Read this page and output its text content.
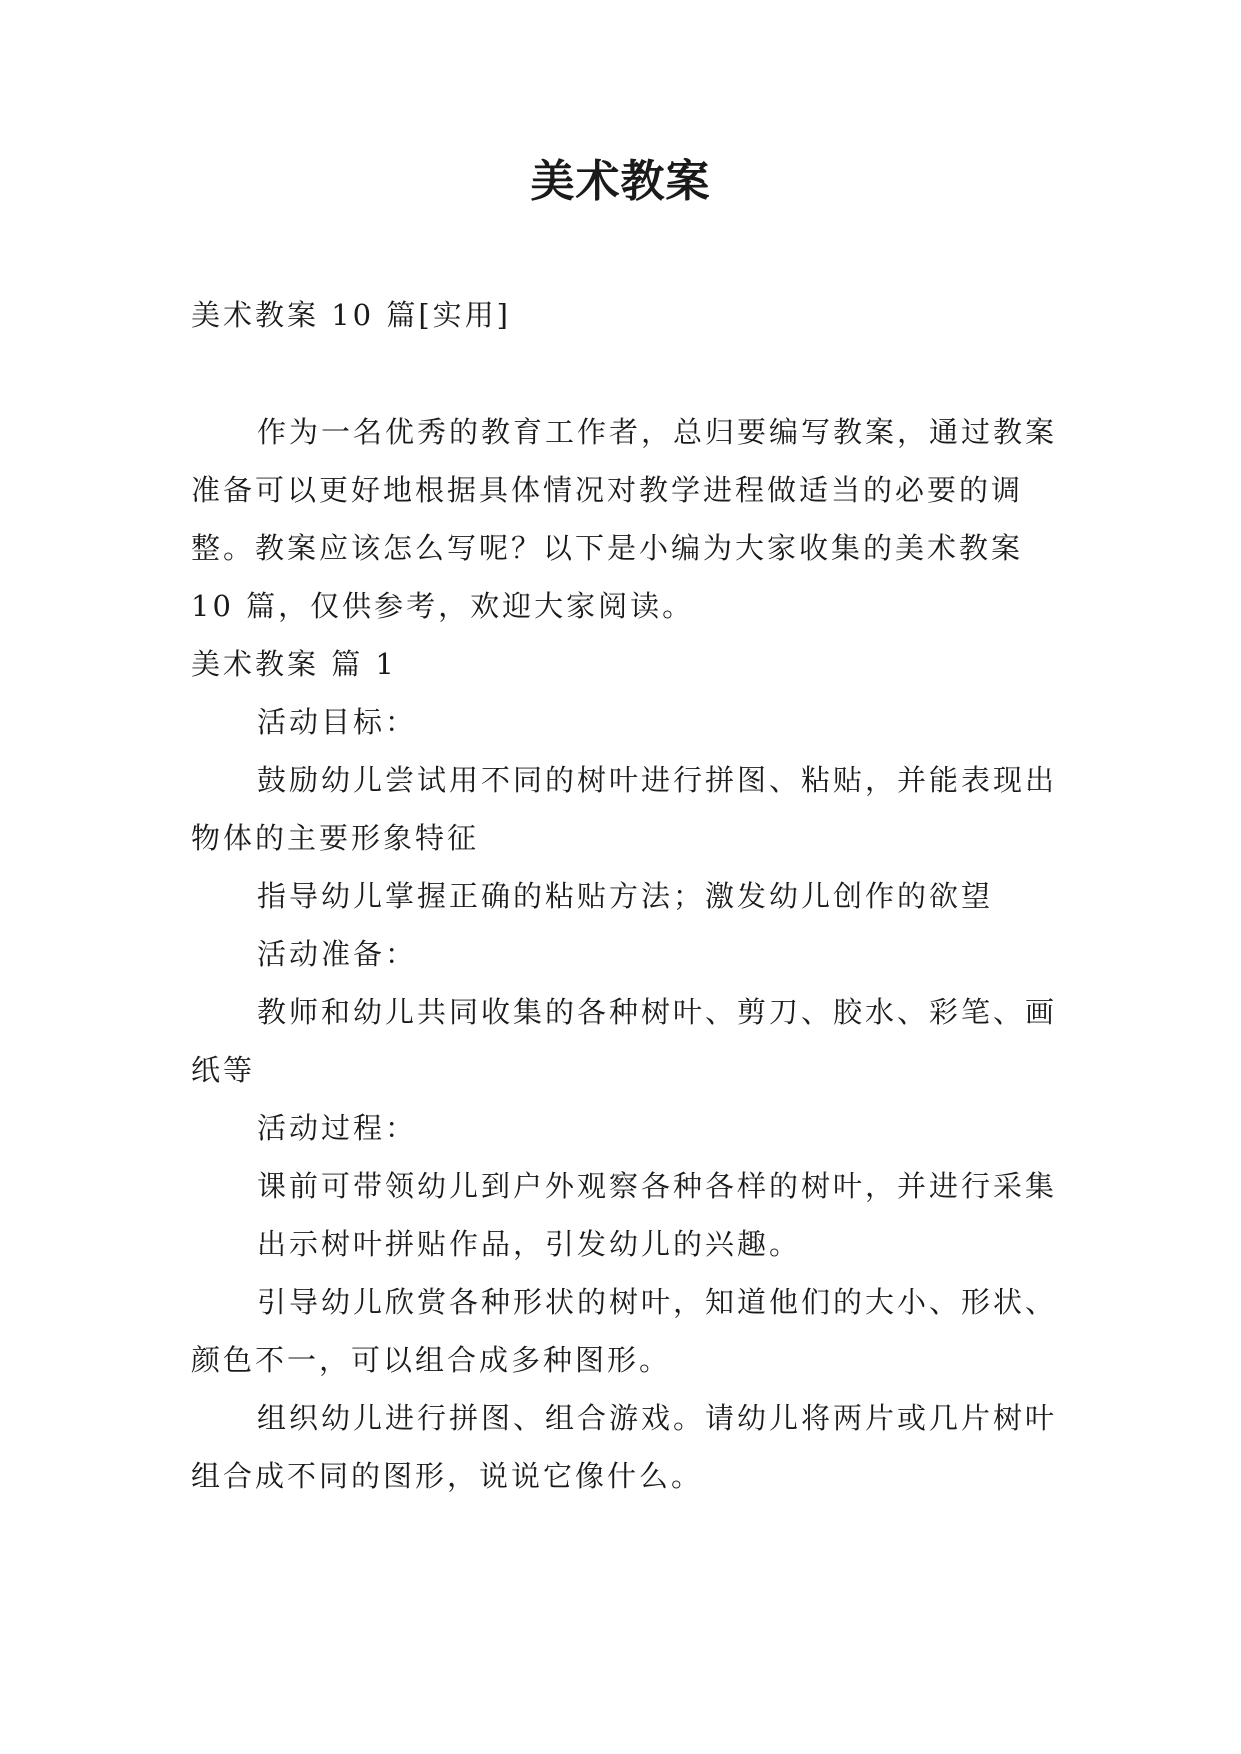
美术教案

美术教案 10 篇[实用]

作为一名优秀的教育工作者，总归要编写教案，通过教案准备可以更好地根据具体情况对教学进程做适当的必要的调整。教案应该怎么写呢？以下是小编为大家收集的美术教案 10 篇，仅供参考，欢迎大家阅读。

美术教案 篇 1

活动目标：

鼓励幼儿尝试用不同的树叶进行拼图、粘贴，并能表现出物体的主要形象特征

指导幼儿掌握正确的粘贴方法；激发幼儿创作的欲望

活动准备：

教师和幼儿共同收集的各种树叶、剪刀、胶水、彩笔、画纸等

活动过程：

课前可带领幼儿到户外观察各种各样的树叶，并进行采集

出示树叶拼贴作品，引发幼儿的兴趣。

引导幼儿欣赏各种形状的树叶，知道他们的大小、形状、颜色不一，可以组合成多种图形。

组织幼儿进行拼图、组合游戏。请幼儿将两片或几片树叶组合成不同的图形，说说它像什么。
